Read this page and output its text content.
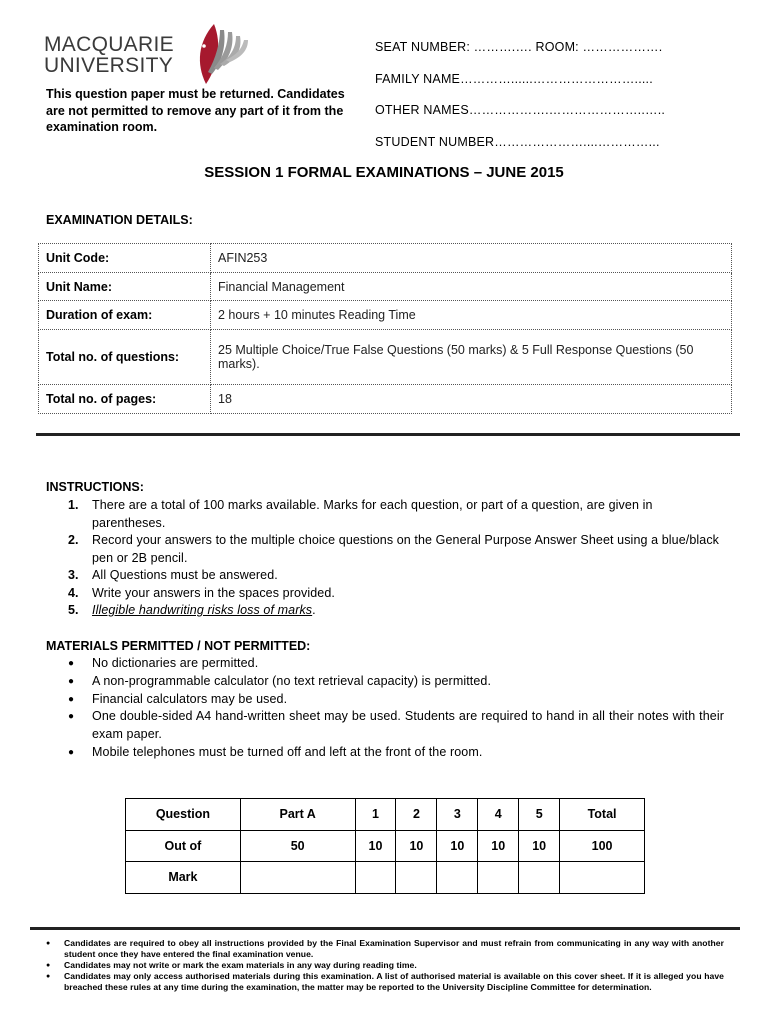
MACQUARIE
UNIVERSITY
This question paper must be returned. Candidates are not permitted to remove any part of it from the examination room.
SEAT NUMBER: ……….…. ROOM: ……………….
FAMILY NAME…………......…………………….....
OTHER NAMES……………….…………………..…..
STUDENT NUMBER…………………....…………...
SESSION 1 FORMAL EXAMINATIONS – JUNE 2015
EXAMINATION DETAILS:
Unit Code:	AFIN253
Unit Name:	Financial Management
Duration of exam:	2 hours + 10 minutes Reading Time
Total no. of questions:	25 Multiple Choice/True False Questions (50 marks) & 5 Full Response Questions (50 marks).
Total no. of pages:	18
INSTRUCTIONS:
1. There are a total of 100 marks available. Marks for each question, or part of a question, are given in parentheses.
2. Record your answers to the multiple choice questions on the General Purpose Answer Sheet using a blue/black pen or 2B pencil.
3. All Questions must be answered.
4. Write your answers in the spaces provided.
5. Illegible handwriting risks loss of marks.
MATERIALS PERMITTED / NOT PERMITTED:
● No dictionaries are permitted.
● A non-programmable calculator (no text retrieval capacity) is permitted.
● Financial calculators may be used.
● One double-sided A4 hand-written sheet may be used. Students are required to hand in all their notes with their exam paper.
● Mobile telephones must be turned off and left at the front of the room.
Question	Part A	1	2	3	4	5	Total
Out of	50	10	10	10	10	10	100
Mark							
● Candidates are required to obey all instructions provided by the Final Examination Supervisor and must refrain from communicating in any way with another student once they have entered the final examination venue.
● Candidates may not write or mark the exam materials in any way during reading time.
● Candidates may only access authorised materials during this examination. A list of authorised material is available on this cover sheet. If it is alleged you have breached these rules at any time during the examination, the matter may be reported to the University Discipline Committee for determination.
